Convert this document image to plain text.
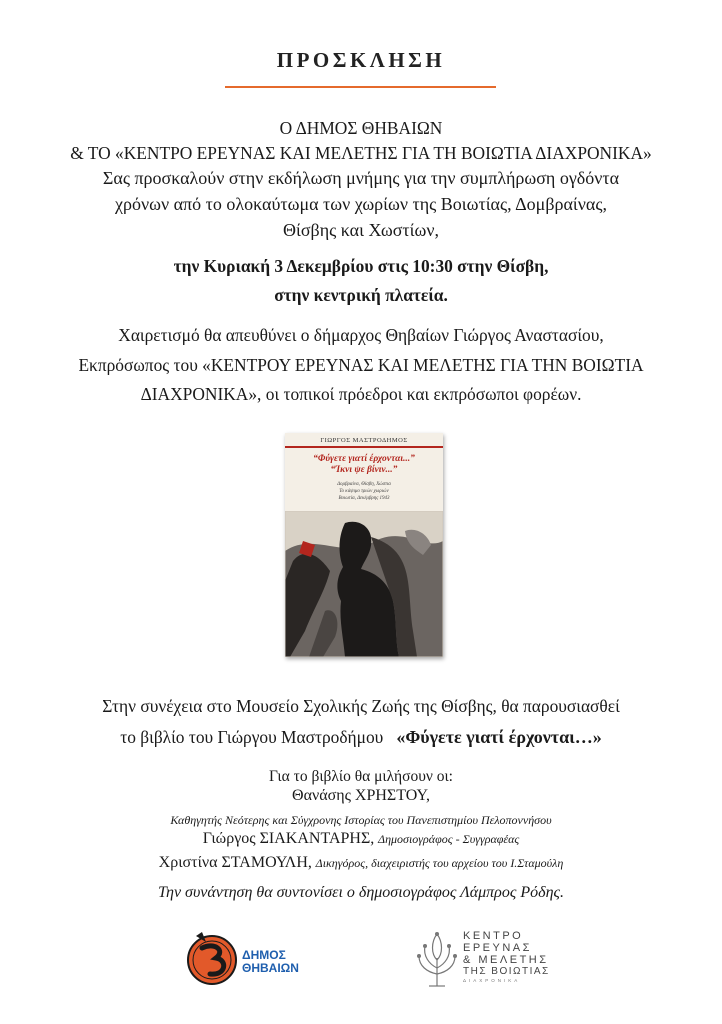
ΠΡΟΣΚΛΗΣΗ
Ο ΔΗΜΟΣ ΘΗΒΑΙΩΝ
& ΤΟ «ΚΕΝΤΡΟ ΕΡΕΥΝΑΣ ΚΑΙ ΜΕΛΕΤΗΣ ΓΙΑ ΤΗ ΒΟΙΩΤΙΑ ΔΙΑΧΡΟΝΙΚΑ»
Σας προσκαλούν στην εκδήλωση μνήμης για την συμπλήρωση ογδόντα
χρόνων από το ολοκαύτωμα των χωρίων της Βοιωτίας, Δομβραίνας,
Θίσβης και Χωστίων,
την Κυριακή 3 Δεκεμβρίου στις 10:30 στην Θίσβη,
στην κεντρική πλατεία.
Χαιρετισμό θα απευθύνει ο δήμαρχος Θηβαίων Γιώργος Αναστασίου,
Εκπρόσωπος του «ΚΕΝΤΡΟΥ ΕΡΕΥΝΑΣ ΚΑΙ ΜΕΛΕΤΗΣ ΓΙΑ ΤΗΝ ΒΟΙΩΤΙΑ
ΔΙΑΧΡΟΝΙΚΑ», οι τοπικοί πρόεδροι και εκπρόσωποι φορέων.
ΓΙΩΡΓΟΣ ΜΑΣΤΡΟΔΗΜΟΣ
“Φύγετε γιατί έρχονται...”
“Ίκνι ψε βίνιν...”
Δομβραίνα, Θίσβη, Χώστια
Το κάψιμο τριών χωριών
Βοιωτία, Δεκέμβρης 1943
Στην συνέχεια στο Μουσείο Σχολικής Ζωής της Θίσβης, θα παρουσιασθεί
το βιβλίο του Γιώργου Μαστροδήμου «Φύγετε γιατί έρχονται…»
Για το βιβλίο θα μιλήσουν οι:
Θανάσης ΧΡΗΣΤΟΥ,
Καθηγητής Νεότερης και Σύγχρονης Ιστορίας του Πανεπιστημίου Πελοποννήσου
Γιώργος ΣΙΑΚΑΝΤΑΡΗΣ, Δημοσιογράφος - Συγγραφέας
Χριστίνα ΣΤΑΜΟΥΛΗ, Δικηγόρος, διαχειριστής του αρχείου του Ι.Σταμούλη
Την συνάντηση θα συντονίσει ο δημοσιογράφος Λάμπρος Ρόδης.
ΔΗΜΟΣ
ΘΗΒΑΙΩΝ
ΚΕΝΤΡΟ
ΕΡΕΥΝΑΣ
& ΜΕΛΕΤΗΣ
ΤΗΣ ΒΟΙΩΤΙΑΣ
ΔΙΑΧΡΟΝΙΚΑ
